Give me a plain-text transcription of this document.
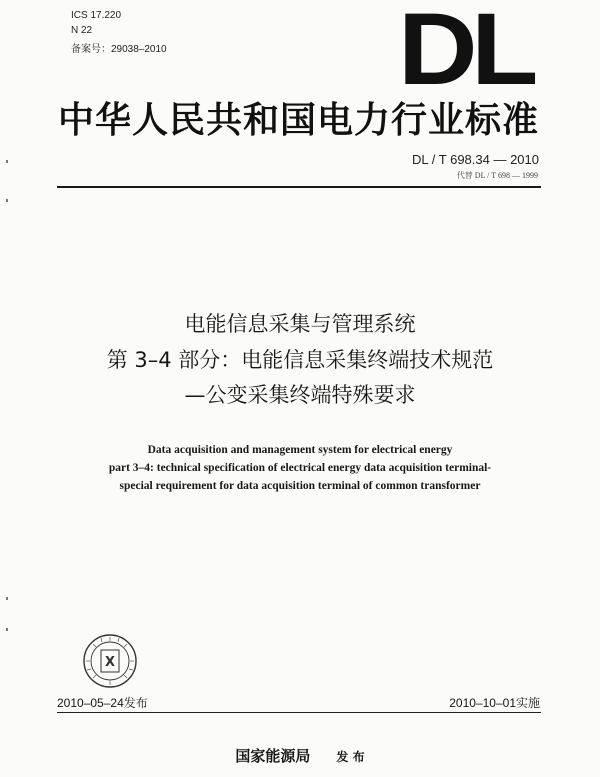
ICS 17.220
N 22
备案号：29038–2010 DL
中华人民共和国电力行业标准
DL / T 698.34 — 2010
代替 DL / T 698 — 1999
电能信息采集与管理系统
第 3–4 部分：电能信息采集终端技术规范
—公变采集终端特殊要求
Data acquisition and management system for electrical energy
part 3–4: technical specification of electrical energy data acquisition terminal-
special requirement for data acquisition terminal of common transformer
X
2010–05–24发布	2010–10–01实施
国家能源局 发 布
